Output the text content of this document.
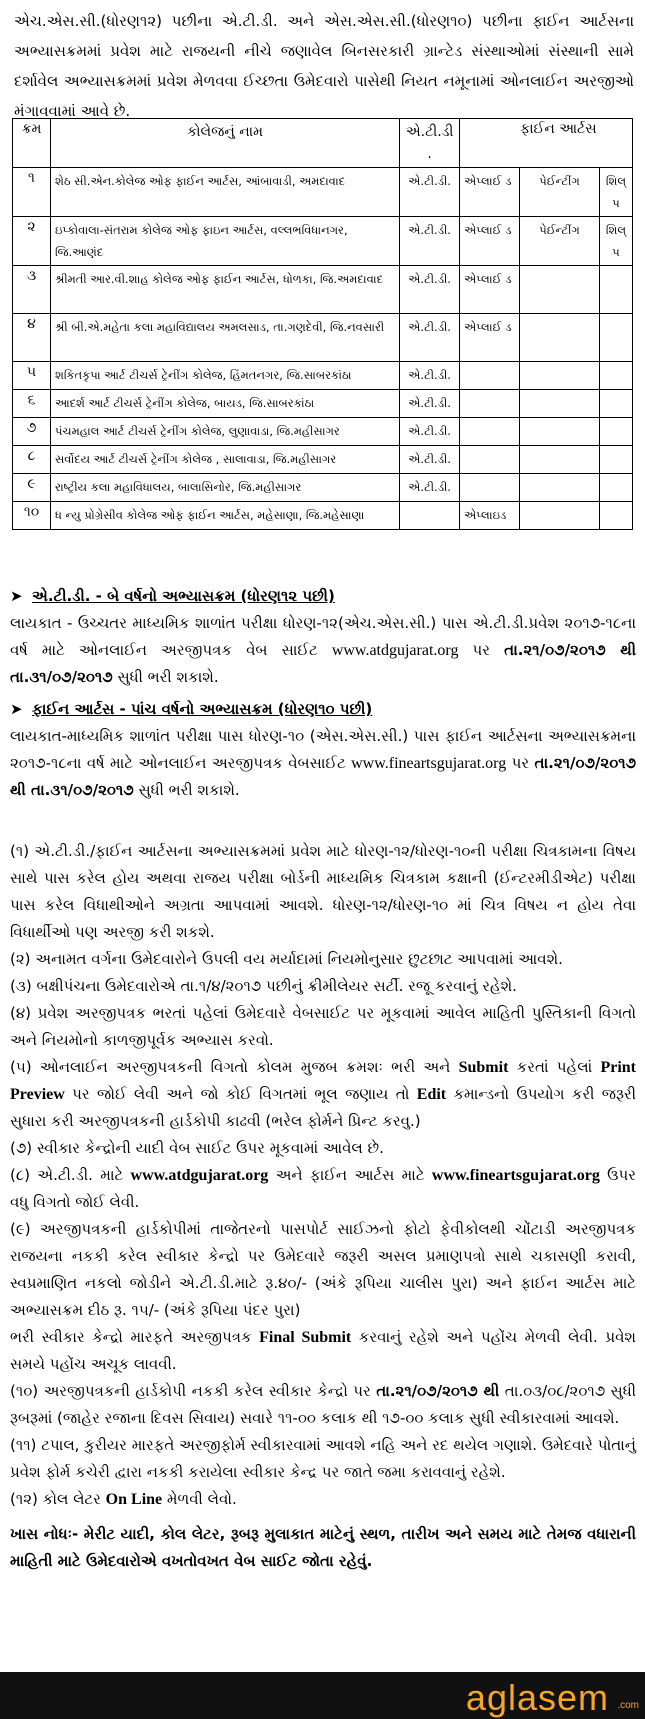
એચ.એસ.સી.(ધોરણ૧૨) પછીના એ.ટી.ડી. અને એસ.એસ.સી.(ધોરણ૧૦) પછીના ફાઈન આર્ટસના અભ્યાસક્રમમાં પ્રવેશ માટે રાજયની નીચે જણાવેલ બિનસરકારી ગ્રાન્ટેડ સંસ્થાઓમાં સંસ્થાની સામે દર્શાવેલ અભ્યાસક્રમમાં પ્રવેશ મેળવવા ઈચ્છતા ઉમેદવારો પાસેથી નિયત નમૂનામાં ઓનલાઈન અરજીઓ મંગાવવામાં આવે છે.

ક્રમ	કોલેજનું નામ	એ.ટી.ડી .	ફાઈન આર્ટસ		
૧	શેઠ સી.એન.કોલેજ ઓફ ફાઈન આર્ટસ, આંબાવાડી, અમદાવાદ	એ.ટી.ડી.	એપ્લાઈ ડ	પેઈન્ટીંગ	શિલ્ પ
૨	ઇપ્કોવાલા-સંતરામ કોલેજ ઓફ ફાઇન આર્ટસ, વલ્લભવિધાનગર, જિ.આણંદ	એ.ટી.ડી.	એપ્લાઈ ડ	પેઈન્ટીંગ	શિલ્ પ
૩	શ્રીમતી આર.વી.શાહ કોલેજ ઓફ ફાઈન આર્ટસ, ધોળકા, જિ.અમદાવાદ	એ.ટી.ડી.	એપ્લાઈ ડ		
૪	શ્રી બી.એ.મહેતા કલા મહાવિદ્યાલય અમલસાડ, તા.ગણદેવી, જિ.નવસારી	એ.ટી.ડી.	એપ્લાઈ ડ		
૫	શકિતકૃપા આર્ટ ટીચર્સ ટ્રેનીંગ કોલેજ, હિંમતનગર, જિ.સાબરકાંઠા	એ.ટી.ડી.			
૬	આદર્શ આર્ટ ટીચર્સ ટ્રેનીંગ કોલેજ, બાયડ, જિ.સાબરકાંઠા	એ.ટી.ડી.			
૭	પંચમહાલ આર્ટ ટીચર્સ ટ્રેનીંગ કોલેજ, લુણાવાડા, જિ.મહીસાગર	એ.ટી.ડી.			
૮	સર્વોદય આર્ટ ટીચર્સ ટ્રેનીંગ કોલેજ , સાલાવાડા, જિ.મહીસાગર	એ.ટી.ડી.			
૯	રાષ્ટ્રીય કલા મહાવિધાલય, બાલાસિનોર, જિ.મહીસાગર	એ.ટી.ડી.			
૧૦	ધ ન્યુ પ્રોગ્રેસીવ કોલેજ ઓફ ફાઈન આર્ટસ, મહેસાણા, જિ.મહેસાણા		એપ્લાઇડ		
➤ એ.ટી.ડી. - બે વર્ષનો અભ્યાસક્રમ (ધોરણ૧૨ પછી)

લાયકાત - ઉચ્ચતર માધ્યમિક શાળાંત પરીક્ષા ધોરણ-૧૨(એચ.એસ.સી.) પાસ એ.ટી.ડી.પ્રવેશ ૨૦૧૭-૧૮ના વર્ષ માટે ઓનલાઈન અરજીપત્રક વેબ સાઈટ www.atdgujarat.org પર તા.૨૧/૦૭/૨૦૧૭ થી તા.૩૧/૦૭/૨૦૧૭ સુધી ભરી શકાશે.

➤ ફાઈન આર્ટસ - પાંચ વર્ષનો અભ્યાસક્રમ (ધોરણ૧૦ પછી)

લાયકાત-માધ્યમિક શાળાંત પરીક્ષા પાસ ધોરણ-૧૦ (એસ.એસ.સી.) પાસ ફાઈન આર્ટસના અભ્યાસક્રમના ૨૦૧૭-૧૮ના વર્ષ માટે ઓનલાઈન અરજીપત્રક વેબસાઈટ www.fineartsgujarat.org પર તા.૨૧/૦૭/૨૦૧૭ થી તા.૩૧/૦૭/૨૦૧૭ સુધી ભરી શકાશે.

(૧) એ.ટી.ડી./ફાઈન આર્ટસના અભ્યાસક્રમમાં પ્રવેશ માટે ધોરણ-૧૨/ધોરણ-૧૦ની પરીક્ષા ચિત્રકામના વિષય સાથે પાસ કરેલ હોય અથવા રાજય પરીક્ષા બોર્ડની માધ્યમિક ચિત્રકામ કક્ષાની (ઈન્ટરમીડીએટ) પરીક્ષા પાસ કરેલ વિધાથીઓને અગ્રતા આપવામાં આવશે. ધોરણ-૧૨/ધોરણ-૧૦ માં ચિત્ર વિષય ન હોય તેવા વિધાર્થીઓ પણ અરજી કરી શકશે.

(૨) અનામત વર્ગના ઉમેદવારોને ઉપલી વય મર્યાદામાં નિયમોનુસાર છુટછાટ આપવામાં આવશે.

(૩) બક્ષીપંચના ઉમેદવારોએ તા.૧/૪/૨૦૧૭ પછીનું ક્રીમીલેયર સર્ટી. રજૂ કરવાનું રહેશે.

(૪) પ્રવેશ અરજીપત્રક ભરતાં પહેલાં ઉમેદવારે વેબસાઈટ પર મૂકવામાં આવેલ માહિતી પુસ્તિકાની વિગતો અને નિયમોનો કાળજીપૂર્વક અભ્યાસ કરવો.

(૫) ઓનલાઈન અરજીપત્રકની વિગતો કોલમ મુજબ ક્રમશઃ ભરી અને Submit કરતાં પહેલાં Print Preview પર જોઈ લેવી અને જો કોઈ વિગતમાં ભૂલ જણાય તો Edit કમાન્ડનો ઉપયોગ કરી જરૂરી સુધારા કરી અરજીપત્રકની હાર્ડકોપી કાઢવી (ભરેલ ફોર્મને પ્રિન્ટ કરવુ.)

(૭) સ્વીકાર કેન્દ્રોની યાદી વેબ સાઈટ ઉપર મૂકવામાં આવેલ છે.

(૮) એ.ટી.ડી. માટે www.atdgujarat.org અને ફાઈન આર્ટસ માટે www.fineartsgujarat.org ઉપર વધુ વિગતો જોઈ લેવી.

(૯) અરજીપત્રકની હાર્ડકોપીમાં તાજેતરનો પાસપોર્ટ સાઈઝનો ફોટો ફેવીકોલથી ચોંટાડી અરજીપત્રક રાજયના નકકી કરેલ સ્વીકાર કેન્દ્રો પર ઉમેદવારે જરૂરી અસલ પ્રમાણપત્રો સાથે ચકાસણી કરાવી, સ્વપ્રમાણિત નકલો જોડીને એ.ટી.ડી.માટે રૂ.૪૦/- (અંકે રૂપિયા ચાલીસ પુરા) અને ફાઈન આર્ટસ માટે અભ્યાસક્રમ દીઠ રૂ. ૧૫/- (અંકે રૂપિયા પંદર પુરા)

ભરી સ્વીકાર કેન્દ્રો મારફતે અરજીપત્રક Final Submit કરવાનું રહેશે અને પહોંચ મેળવી લેવી. પ્રવેશ સમયે પહોંચ અચૂક લાવવી.

(૧૦) અરજીપત્રકની હાર્ડકોપી નકકી કરેલ સ્વીકાર કેન્દ્રો પર તા.૨૧/૦૭/૨૦૧૭ થી તા.૦૩/૦૮/૨૦૧૭ સુધી રૂબરૂમાં (જાહેર રજાના દિવસ સિવાય) સવારે ૧૧-૦૦ કલાક થી ૧૭-૦૦ કલાક સુધી સ્વીકારવામાં આવશે.

(૧૧) ટપાલ, કુરીયર મારફતે અરજીફોર્મ સ્વીકારવામાં આવશે નહિ અને રદ થયેલ ગણાશે. ઉમેદવારે પોતાનું પ્રવેશ ફોર્મ કચેરી દ્વારા નકકી કરાયેલા સ્વીકાર કેન્દ્ર પર જાતે જમા કરાવવાનું રહેશે.

(૧૨) કોલ લેટર On Line મેળવી લેવો.

ખાસ નોધઃ- મેરીટ યાદી, કોલ લેટર, રૂબરૂ મુલાકાત માટેનું સ્થળ, તારીખ અને સમય માટે તેમજ વધારાની માહિતી માટે ઉમેદવારોએ વખતોવખત વેબ સાઈટ જોતા રહેવું.

aglasem .com
